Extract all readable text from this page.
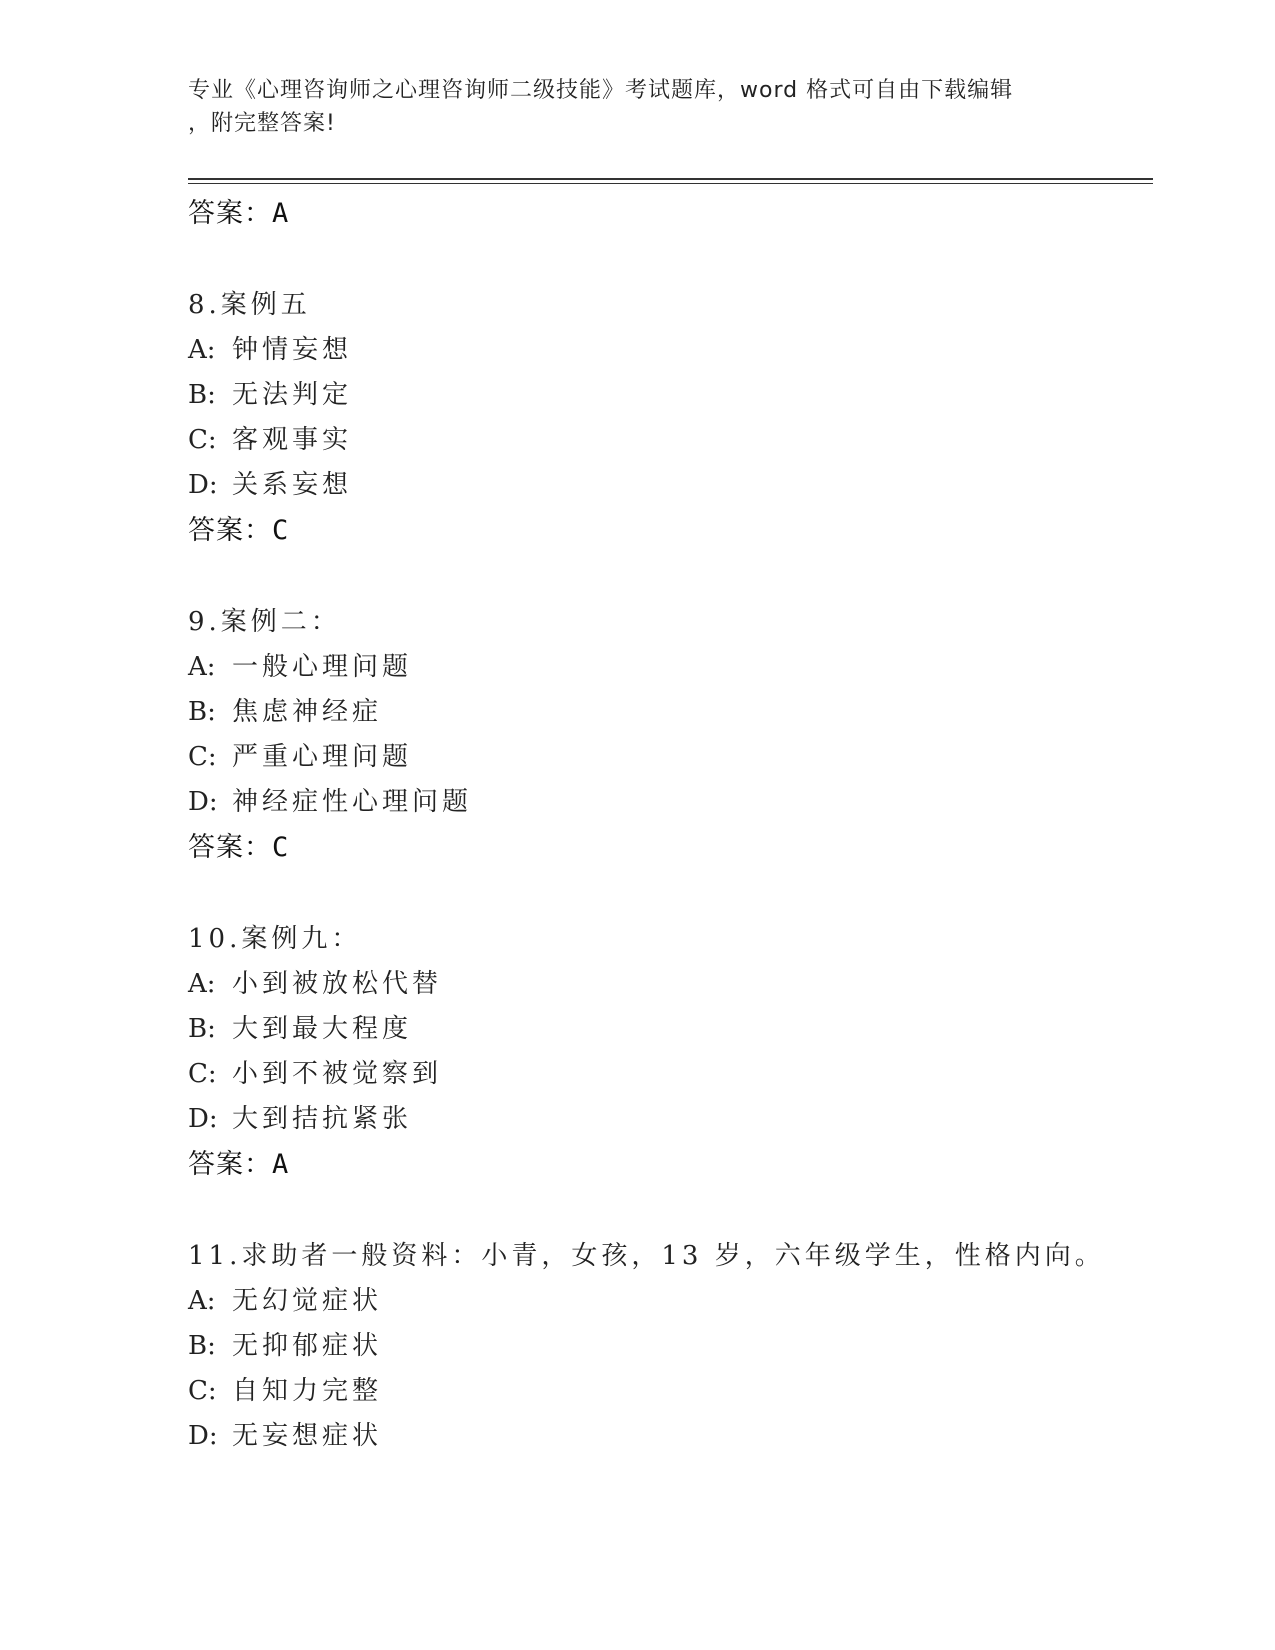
专业《心理咨询师之心理咨询师二级技能》考试题库，word 格式可自由下载编辑
，附完整答案!
答案：A
8.案例五
A: 钟情妄想
B: 无法判定
C: 客观事实
D: 关系妄想
答案：C
9.案例二：
A: 一般心理问题
B: 焦虑神经症
C: 严重心理问题
D: 神经症性心理问题
答案：C
10.案例九：
A: 小到被放松代替
B: 大到最大程度
C: 小到不被觉察到
D: 大到拮抗紧张
答案：A
11.求助者一般资料：小青，女孩，13 岁，六年级学生，性格内向。
A: 无幻觉症状
B: 无抑郁症状
C: 自知力完整
D: 无妄想症状
